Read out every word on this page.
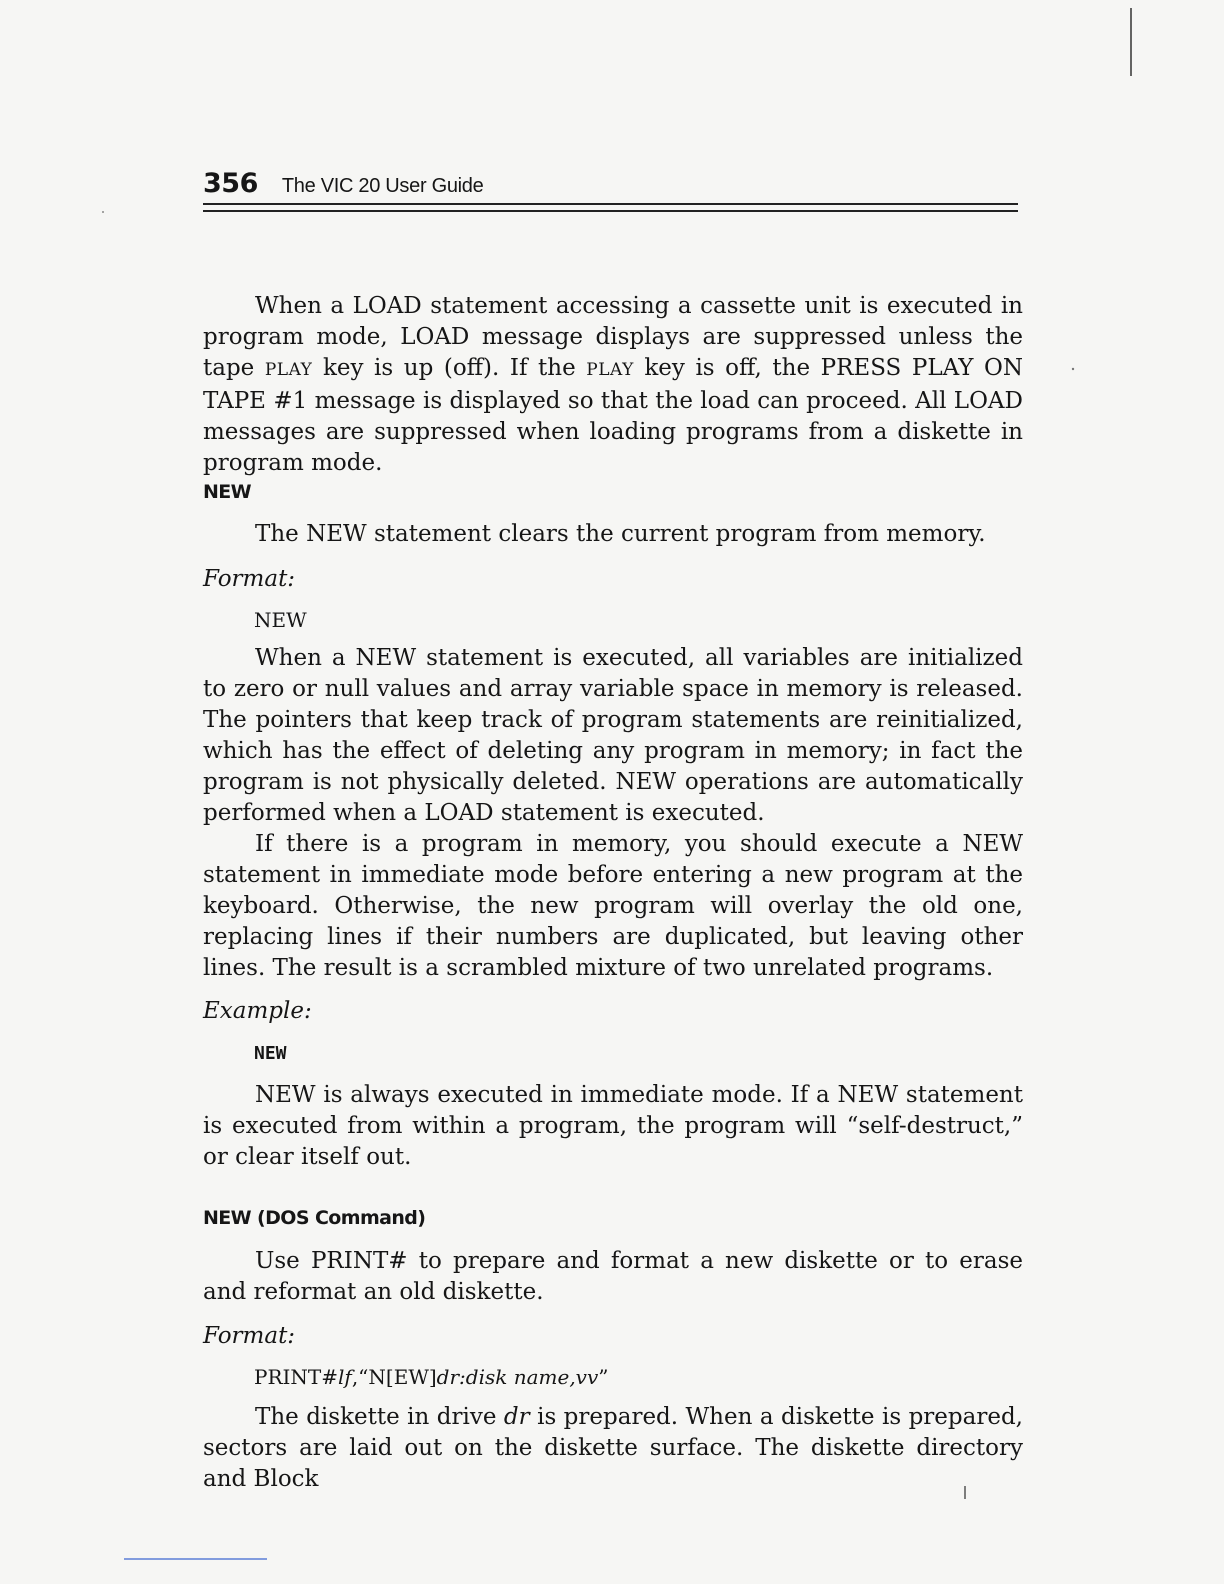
356 The VIC 20 User Guide

When a LOAD statement accessing a cassette unit is executed in program mode, LOAD message displays are suppressed unless the tape PLAY key is up (off). If the PLAY key is off, the PRESS PLAY ON TAPE #1 message is displayed so that the load can proceed. All LOAD messages are suppressed when loading programs from a diskette in program mode.

NEW

The NEW statement clears the current program from memory.

Format:
NEW

When a NEW statement is executed, all variables are initialized to zero or null values and array variable space in memory is released. The pointers that keep track of program statements are reinitialized, which has the effect of deleting any program in memory; in fact the program is not physically deleted. NEW operations are automatically performed when a LOAD statement is executed.

If there is a program in memory, you should execute a NEW statement in immediate mode before entering a new program at the keyboard. Otherwise, the new program will overlay the old one, replacing lines if their numbers are duplicated, but leaving other lines. The result is a scrambled mixture of two unrelated programs.

Example:
NEW

NEW is always executed in immediate mode. If a NEW statement is executed from within a program, the program will “self-destruct,” or clear itself out.

NEW (DOS Command)

Use PRINT# to prepare and format a new diskette or to erase and reformat an old diskette.

Format:
PRINT#lf,“N[EW]dr:disk name,vv”

The diskette in drive dr is prepared. When a diskette is prepared, sectors are laid out on the diskette surface. The diskette directory and Block
